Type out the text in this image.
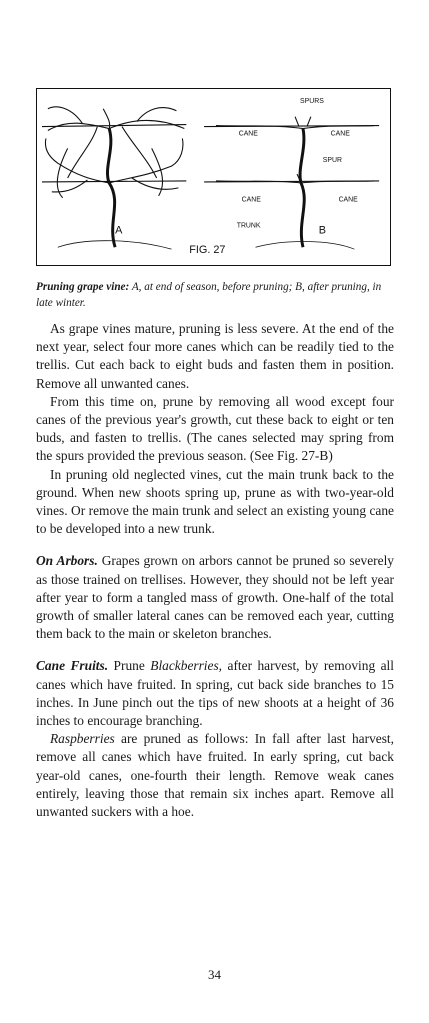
SPURS
CANE	CANE
SPUR
CANE	CANE
TRUNK
A	B
FIG. 27

Pruning grape vine: A, at end of season, before pruning; B, after pruning, in late winter.

As grape vines mature, pruning is less severe. At the end of the next year, select four more canes which can be readily tied to the trellis. Cut each back to eight buds and fasten them in position. Remove all unwanted canes.

From this time on, prune by removing all wood except four canes of the previous year's growth, cut these back to eight or ten buds, and fasten to trellis. (The canes selected may spring from the spurs provided the previous season. (See Fig. 27-B)

In pruning old neglected vines, cut the main trunk back to the ground. When new shoots spring up, prune as with two-year-old vines. Or remove the main trunk and select an existing young cane to be developed into a new trunk.

On Arbors. Grapes grown on arbors cannot be pruned so severely as those trained on trellises. However, they should not be left year after year to form a tangled mass of growth. One-half of the total growth of smaller lateral canes can be removed each year, cutting them back to the main or skeleton branches.

Cane Fruits. Prune Blackberries, after harvest, by removing all canes which have fruited. In spring, cut back side branches to 15 inches. In June pinch out the tips of new shoots at a height of 36 inches to encourage branching.

Raspberries are pruned as follows: In fall after last harvest, remove all canes which have fruited. In early spring, cut back year-old canes, one-fourth their length. Remove weak canes entirely, leaving those that remain six inches apart. Remove all unwanted suckers with a hoe.

34
